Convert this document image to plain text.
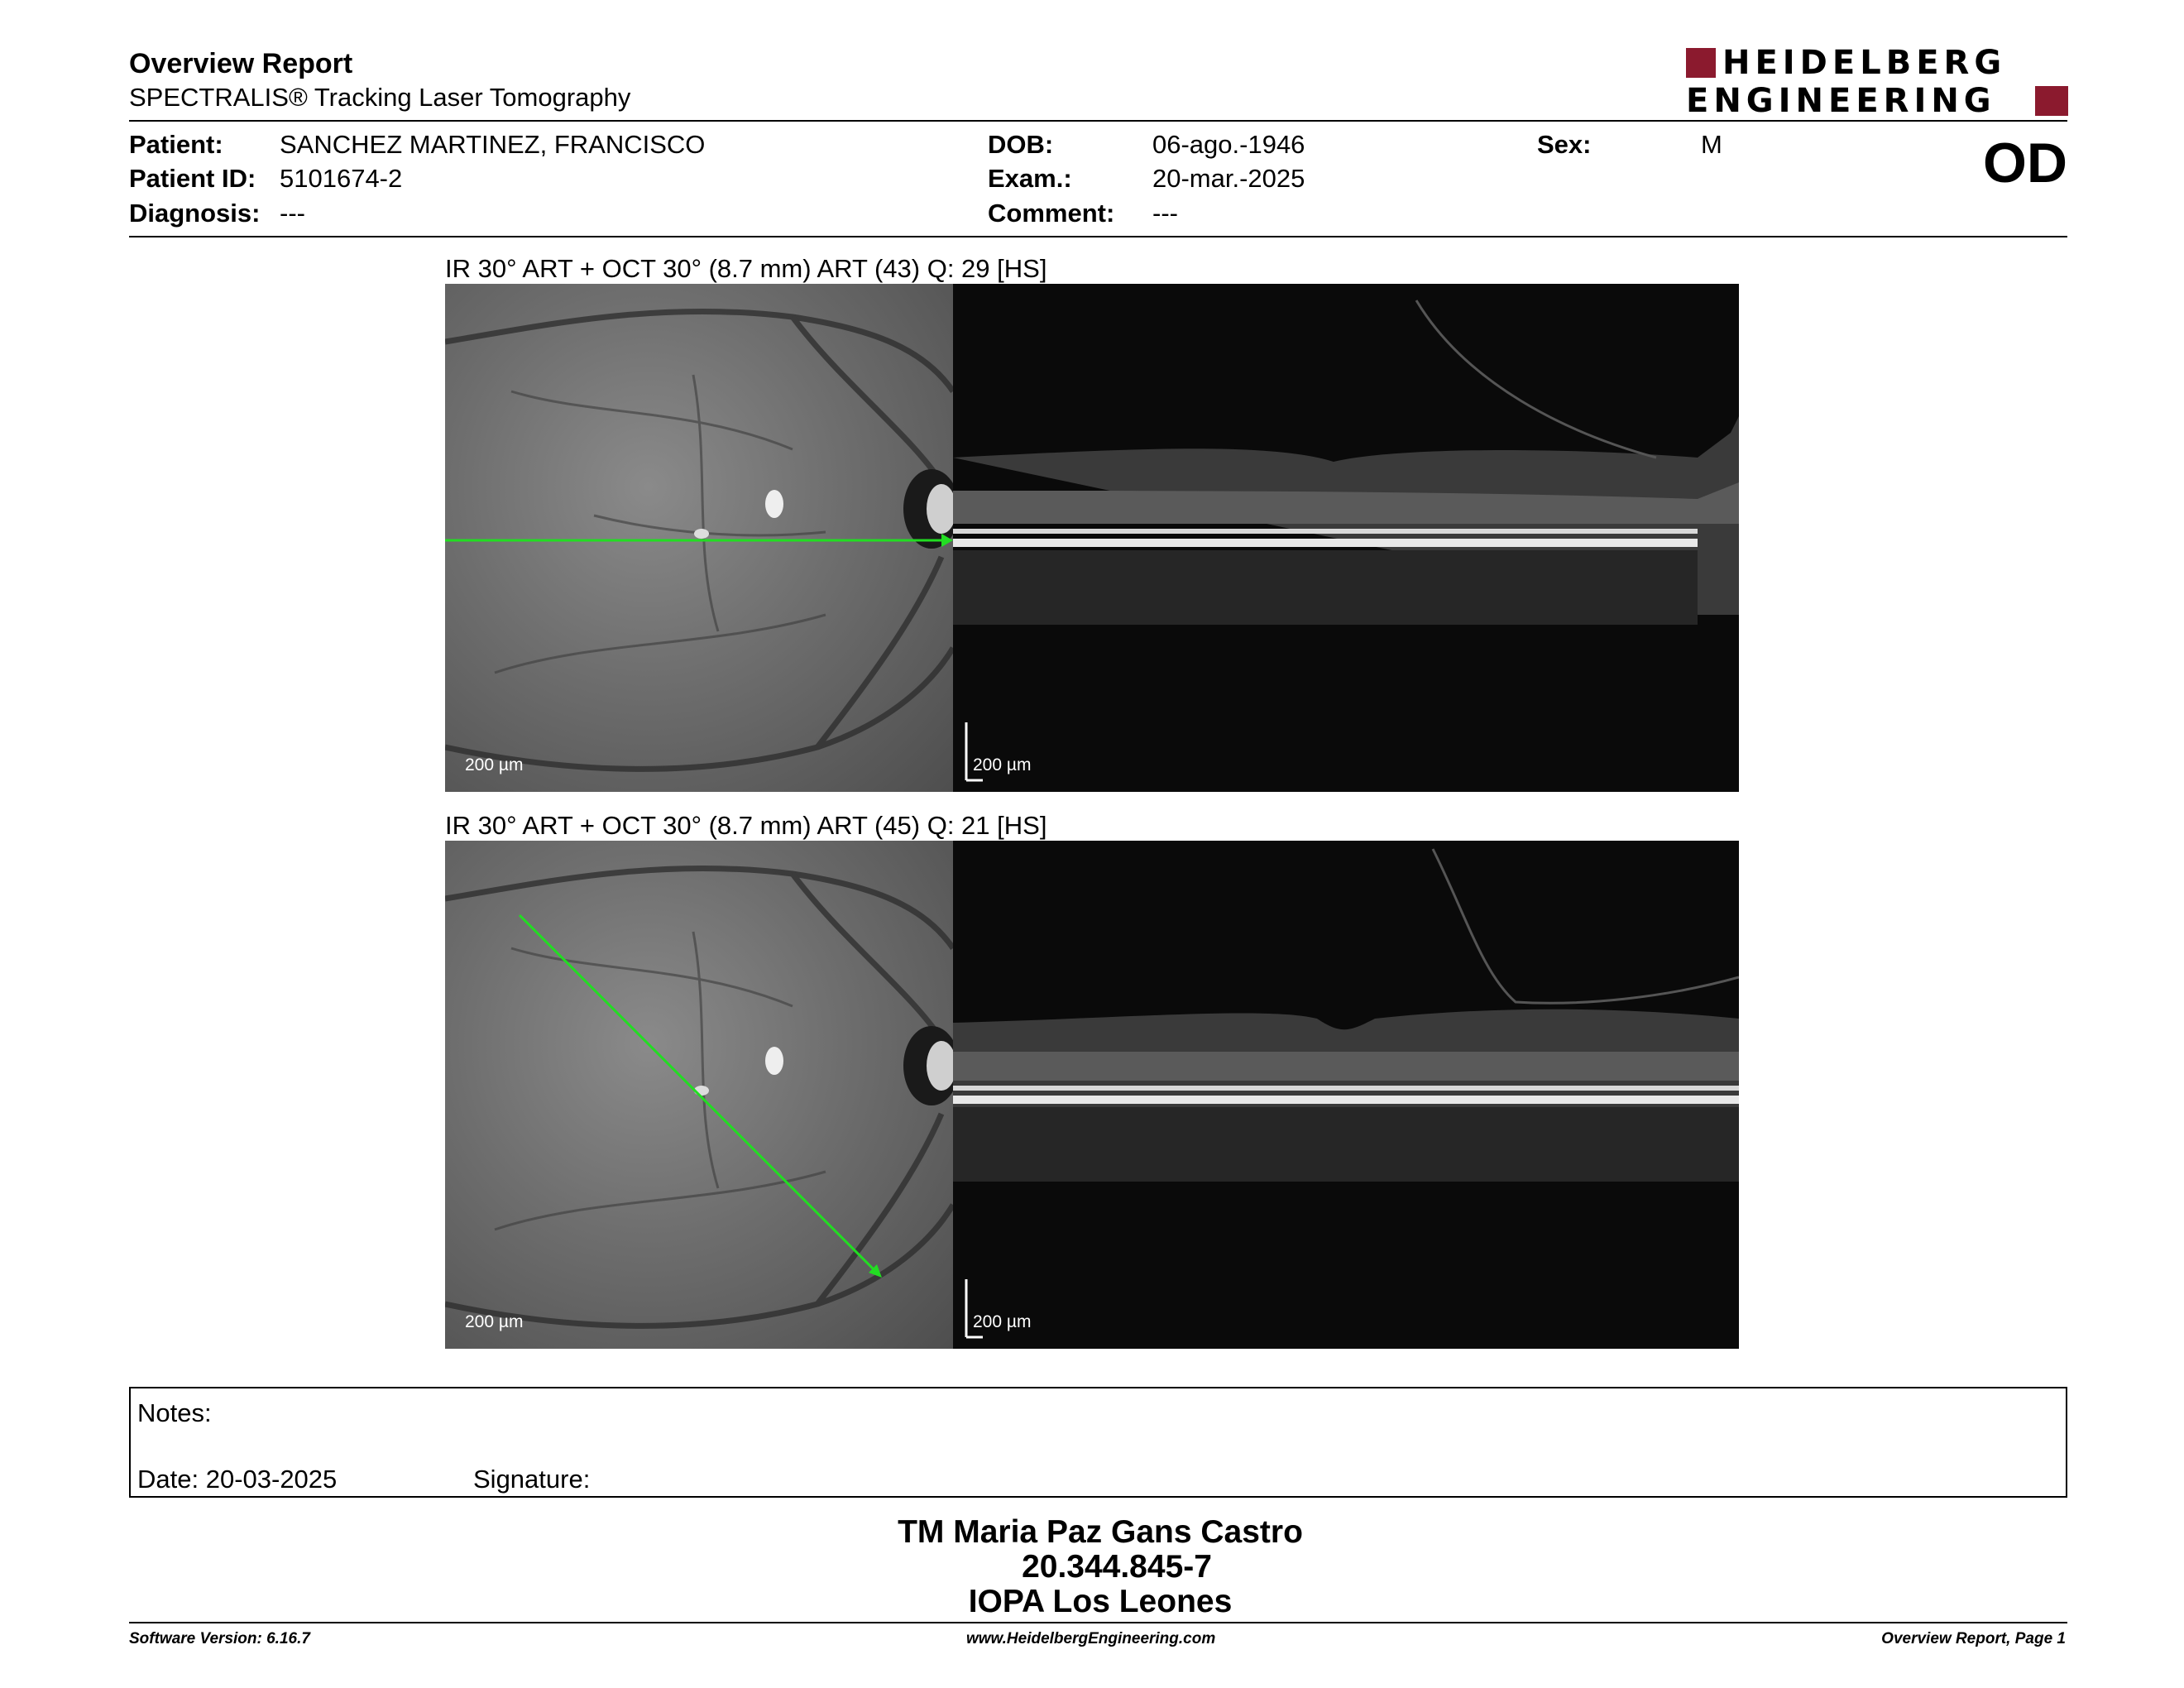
Overview Report
SPECTRALIS® Tracking Laser Tomography
HEIDELBERG
ENGINEERING
Patient: SANCHEZ MARTINEZ, FRANCISCO
Patient ID: 5101674-2
Diagnosis: ---
DOB:	06-ago.-1946
Exam.:	20-mar.-2025
Comment: ---
Sex:	M	OD
IR 30° ART + OCT 30° (8.7 mm) ART (43) Q: 29 [HS]
200 µm	200 µm
IR 30° ART + OCT 30° (8.7 mm) ART (45) Q: 21 [HS]
200 µm	200 µm
Notes:
Date: 20-03-2025	Signature:
TM Maria Paz Gans Castro
20.344.845-7
IOPA Los Leones
Software Version: 6.16.7	www.HeidelbergEngineering.com	Overview Report, Page 1
